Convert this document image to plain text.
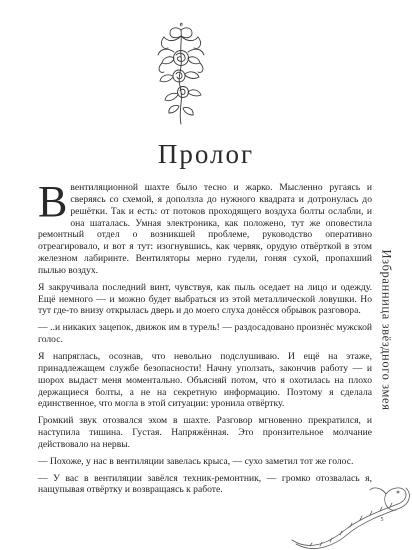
Пролог

Ввентиляционной шахте было тесно и жарко. Мысленно ругаясь и сверяясь со схемой, я доползла до нужного квадрата и дотронулась до решётки. Так и есть: от потоков проходящего воздуха болты ослабли, и она шаталась. Умная электроника, как положено, тут же оповестила ремонтный отдел о возникшей проблеме, руководство оперативно отреагировало, и вот я тут: изогнувшись, как червяк, орудую отвёрткой в этом железном лабиринте. Вентиляторы мерно гудели, гоняя сухой, пропахший пылью воздух.

Я закручивала последний винт, чувствуя, как пыль оседает на лицо и одежду. Ещё немного — и можно будет выбраться из этой металлической ловушки. Но тут где-то внизу открылась дверь и до моего слуха донёсся обрывок разговора.

— ..и никаких зацепок, движок им в турель! — раздосадовано произнёс мужской голос.

Я напряглась, осознав, что невольно подслушиваю. И ещё на этаже, принадлежащем службе безопасности! Начну уползать, закончив работу — и шорох выдаст меня моментально. Объясняй потом, что я охотилась на плохо держащиеся болты, а не на секретную информацию. Поэтому я сделала единственное, что могла в этой ситуации: уронила отвёртку.

Громкий звук отозвался эхом в шахте. Разговор мгновенно прекратился, и наступила тишина. Густая. Напряжённая. Это пронзительное молчание действовало на нервы.

— Похоже, у нас в вентиляции завелась крыса, — сухо заметил тот же голос.

— У вас в вентиляции завёлся техник-ремонтник, — громко отозвалась я, нащупывая отвёртку и возвращаясь к работе.

Избранница звёздного змея
5
